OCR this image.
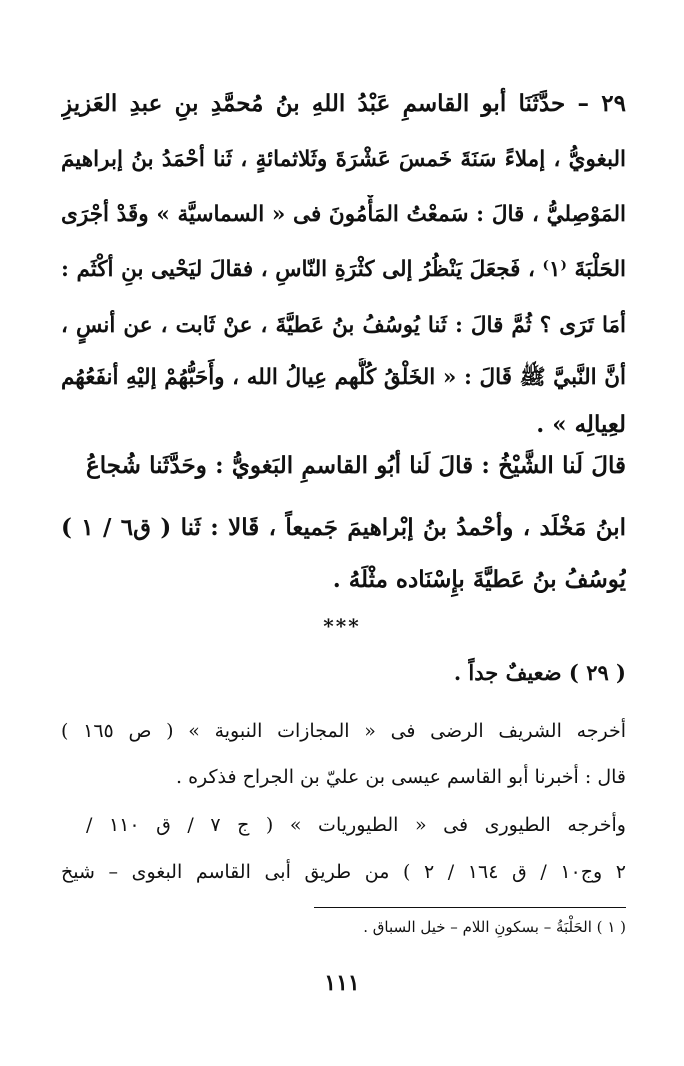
٢٩ – حدَّثَنَا أبو القاسمِ عَبْدُ اللهِ بنُ مُحمَّدِ بنِ عبدِ العَزيزِ
البغويُّ ، إملاءً سَنَةَ خَمسَ عَشْرَةَ وثَلاثمائةٍ ، ثَنا أحْمَدُ بنُ إبراهيمَ
المَوْصِليُّ ، قالَ : سَمعْتُ المَأْمُونَ فى « السماسيَّة » وقَدْ أجْرَى
الحَلْبَةَ ⁽١⁾ ، فَجعَلَ يَنْظُرُ إلى كثْرَةِ النّاسِ ، فقالَ ليَحْيى بنِ أكْثَم :
أمَا تَرَى ؟ ثُمَّ قالَ : ثَنا يُوسُفُ بنُ عَطيَّةَ ، عنْ ثَابت ، عن أنسٍ ،
أنَّ النَّبيَّ ﷺ قَالَ : « الخَلْقُ كُلُّهم عِيالُ الله ، وأَحَبُّهُمْ إليْهِ أنفَعُهُم
لعِيالِه » .
قالَ لَنا الشَّيْخُ : قالَ لَنا أبُو القاسمِ البَغويُّ : وحَدَّثَنا شُجاعُ
ابنُ مَخْلَد ، وأحْمدُ بنُ إبْراهيمَ جَميعاً ، قَالا : ثَنا ( ق٦ / ١ )
يُوسُفُ بنُ عَطيَّةَ بإِسْنَاده مثْلَهُ .
***
( ٢٩ ) ضعيفٌ جداً .
أخرجه الشريف الرضى فى « المجازات النبوية » ( ص ١٦٥ )
قال : أخبرنا أبو القاسم عيسى بن عليّ بن الجراح فذكره .
وأخرجه الطيورى فى « الطيوريات » ( ج ٧ / ق ١١٠ /
٢ وج١٠ / ق ١٦٤ / ٢ ) من طريق أبى القاسم البغوى – شيخ
( ١ ) الحَلْبَةُ – بسكونِ اللام – خيل السباق .
١١١
